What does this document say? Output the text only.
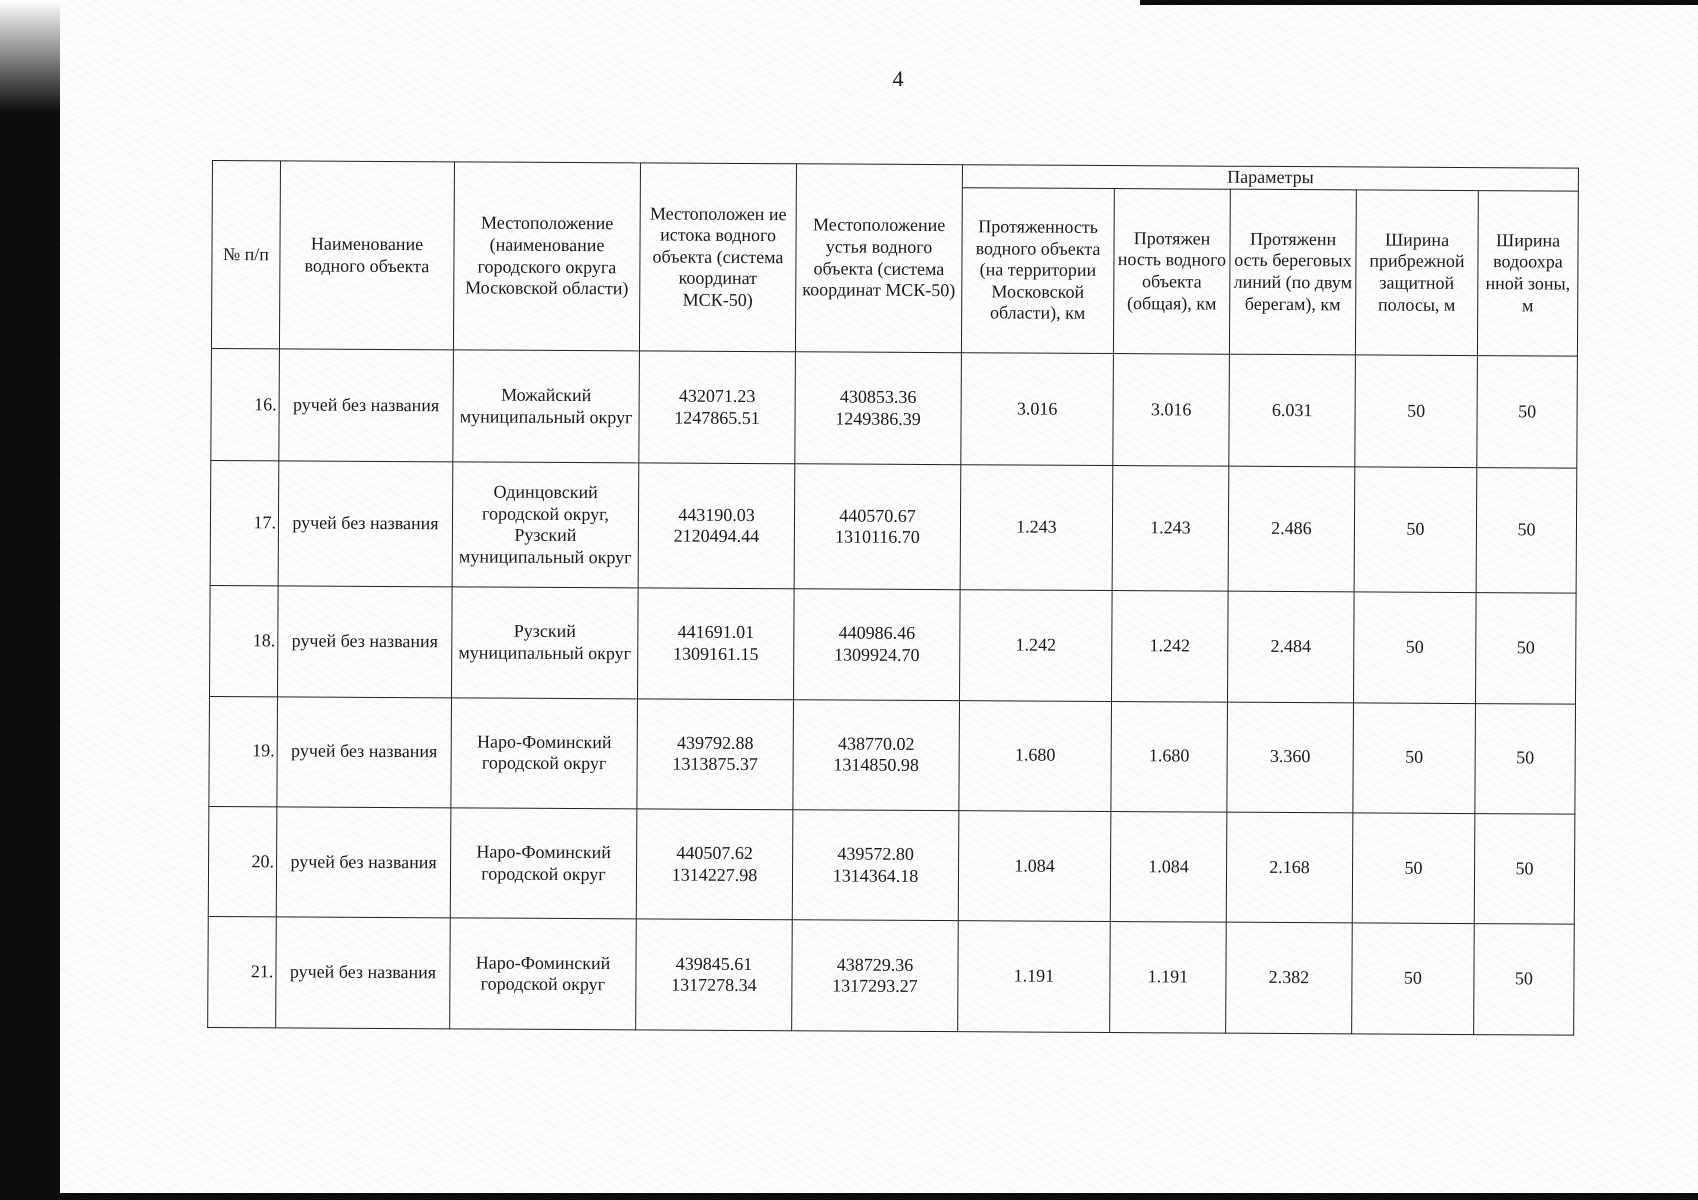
4
№ п/п	Наименование водного объекта	Местоположение (наименование городского округа Московской области)	Местоположен ие истока водного объекта (система координат МСК-50)	Местоположение устья водного объекта (система координат МСК-50)	Параметры				
					Протяженность водного объекта (на территории Московской области), км	Протяжен ность водного объекта (общая), км	Протяженн ость береговых линий (по двум берегам), км	Ширина прибрежной защитной полосы, м	Ширина водоохра нной зоны, м
16.	ручей без названия	Можайский муниципальный округ	432071.23 1247865.51	430853.36 1249386.39	3.016	3.016	6.031	50	50
17.	ручей без названия	Одинцовский городской округ, Рузский муниципальный округ	443190.03 2120494.44	440570.67 1310116.70	1.243	1.243	2.486	50	50
18.	ручей без названия	Рузский муниципальный округ	441691.01 1309161.15	440986.46 1309924.70	1.242	1.242	2.484	50	50
19.	ручей без названия	Наро-Фоминский городской округ	439792.88 1313875.37	438770.02 1314850.98	1.680	1.680	3.360	50	50
20.	ручей без названия	Наро-Фоминский городской округ	440507.62 1314227.98	439572.80 1314364.18	1.084	1.084	2.168	50	50
21.	ручей без названия	Наро-Фоминский городской округ	439845.61 1317278.34	438729.36 1317293.27	1.191	1.191	2.382	50	50
